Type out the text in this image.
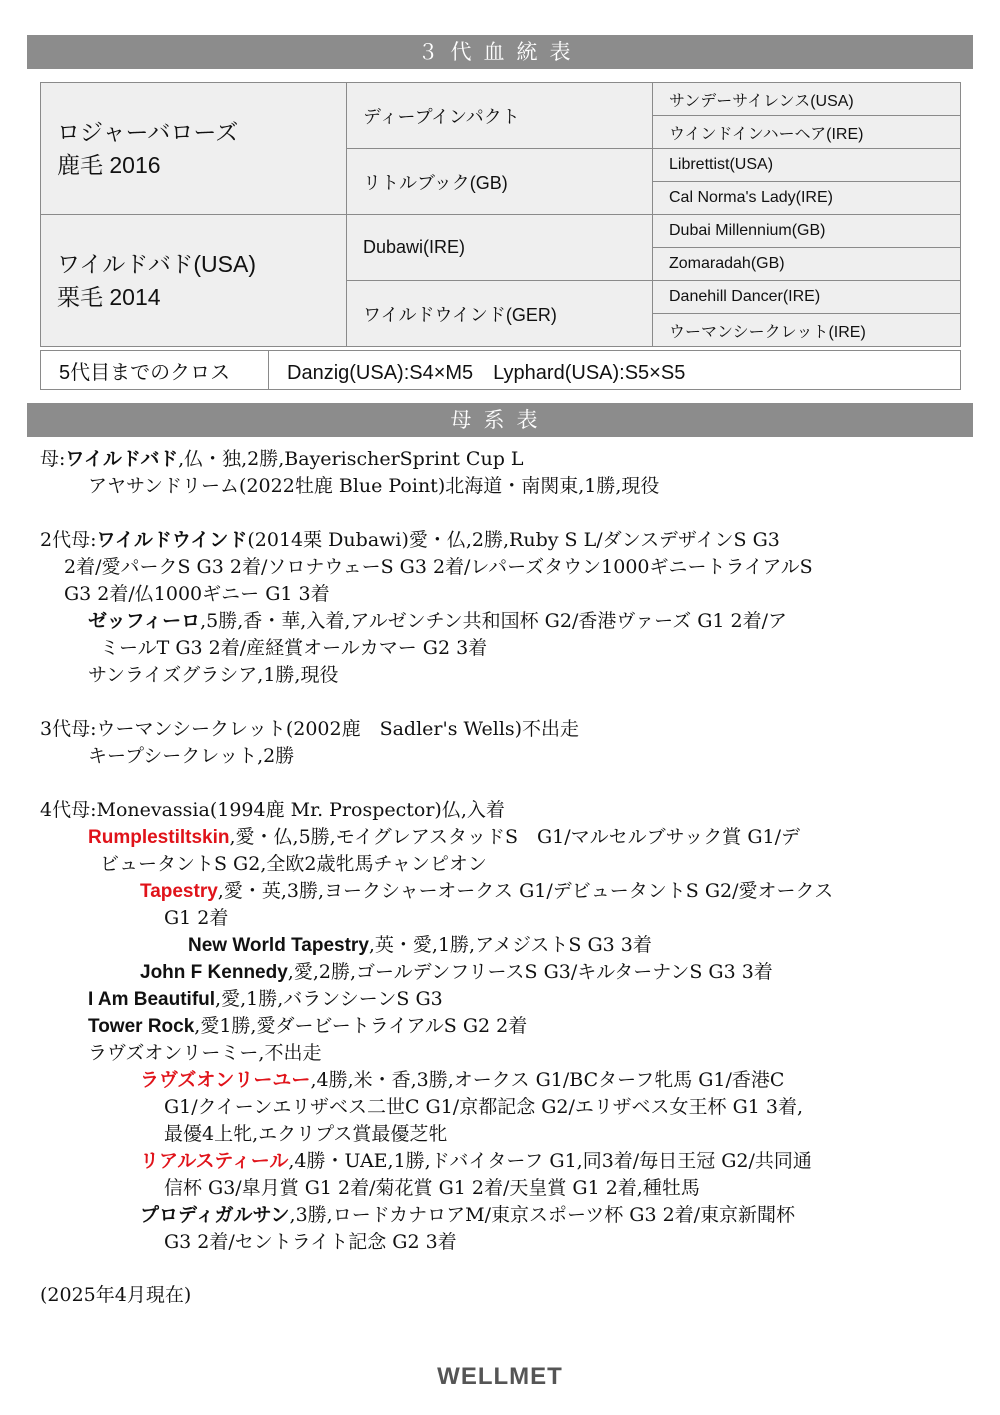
３代血統表
ロジャーバローズ
鹿毛 2016	ディープインパクト	サンデーサイレンス(USA)
		ウインドインハーヘア(IRE)
	リトルブック(GB)	Librettist(USA)
		Cal Norma's Lady(IRE)

ワイルドバド(USA)
栗毛 2014	Dubawi(IRE)	Dubai Millennium(GB)
		Zomaradah(GB)
	ワイルドウインド(GER)	Danehill Dancer(IRE)
		ウーマンシークレット(IRE)
5代目までのクロス	Danzig(USA):S4×M5　Lyphard(USA):S5×S5
母系表
母:ワイルドバド,仏・独,2勝,BayerischerSprint Cup L
アヤサンドリーム(2022牡鹿 Blue Point)北海道・南関東,1勝,現役
2代母:ワイルドウインド(2014栗 Dubawi)愛・仏,2勝,Ruby S L/ダンスデザインS G3
2着/愛パークS G3 2着/ソロナウェーS G3 2着/レパーズタウン1000ギニートライアルS
G3 2着/仏1000ギニー G1 3着
ゼッフィーロ,5勝,香・華,入着,アルゼンチン共和国杯 G2/香港ヴァーズ G1 2着/ア
ミールT G3 2着/産経賞オールカマー G2 3着
サンライズグラシア,1勝,現役
3代母:ウーマンシークレット(2002鹿　Sadler's Wells)不出走
キープシークレット,2勝
4代母:Monevassia(1994鹿 Mr. Prospector)仏,入着
Rumplestiltskin,愛・仏,5勝,モイグレアスタッドS　G1/マルセルブサック賞 G1/デ
ビュータントS G2,全欧2歳牝馬チャンピオン
Tapestry,愛・英,3勝,ヨークシャーオークス G1/デビュータントS G2/愛オークス
G1 2着
New World Tapestry,英・愛,1勝,アメジストS G3 3着
John F Kennedy,愛,2勝,ゴールデンフリースS G3/キルターナンS G3 3着
I Am Beautiful,愛,1勝,バランシーンS G3
Tower Rock,愛1勝,愛ダービートライアルS G2 2着
ラヴズオンリーミー,不出走
ラヴズオンリーユー,4勝,米・香,3勝,オークス G1/BCターフ牝馬 G1/香港C
G1/クイーンエリザベス二世C G1/京都記念 G2/エリザベス女王杯 G1 3着,
最優4上牝,エクリプス賞最優芝牝
リアルスティール,4勝・UAE,1勝,ドバイターフ G1,同3着/毎日王冠 G2/共同通
信杯 G3/皐月賞 G1 2着/菊花賞 G1 2着/天皇賞 G1 2着,種牡馬
プロディガルサン,3勝,ロードカナロアM/東京スポーツ杯 G3 2着/東京新聞杯
G3 2着/セントライト記念 G2 3着
(2025年4月現在)
WELLMET
